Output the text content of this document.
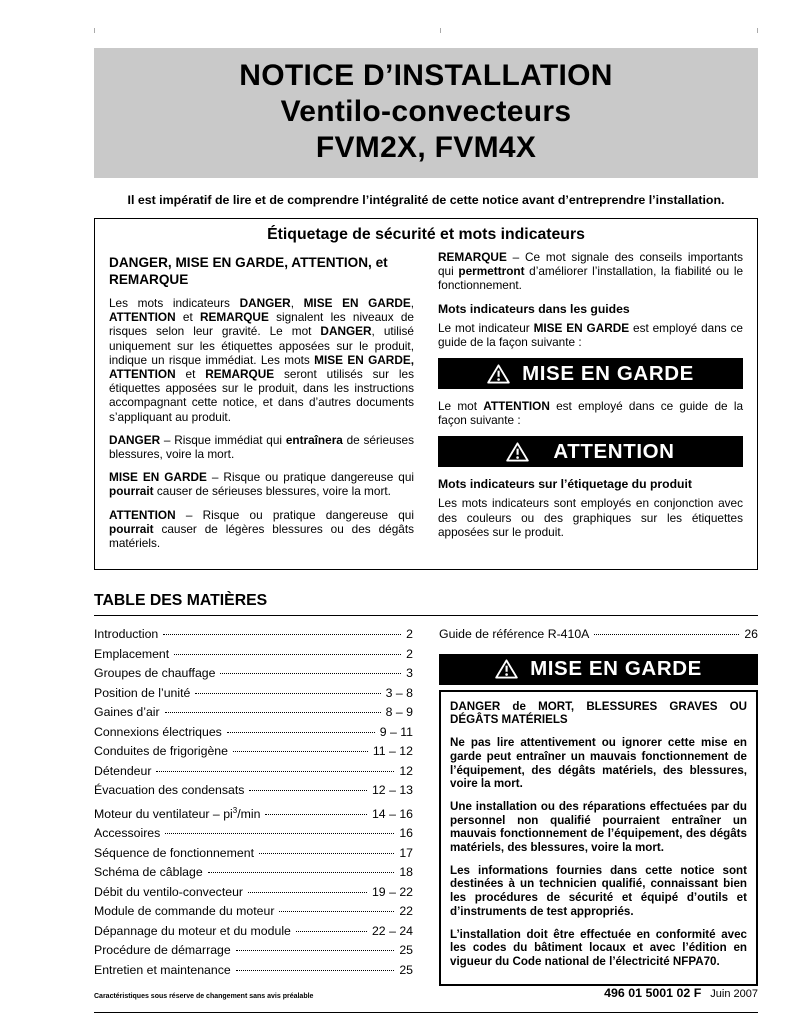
NOTICE D’INSTALLATION
Ventilo-convecteurs
FVM2X, FVM4X

Il est impératif de lire et de comprendre l’intégralité de cette notice avant d’entreprendre l’installation.

Étiquetage de sécurité et mots indicateurs
DANGER, MISE EN GARDE, ATTENTION, et REMARQUE

Les mots indicateurs DANGER, MISE EN GARDE, ATTENTION et REMARQUE signalent les niveaux de risques selon leur gravité. Le mot DANGER, utilisé uniquement sur les étiquettes apposées sur le produit, indique un risque immédiat. Les mots MISE EN GARDE, ATTENTION et REMARQUE seront utilisés sur les étiquettes apposées sur le produit, dans les instructions accompagnant cette notice, et dans d’autres documents s’appliquant au produit.

DANGER – Risque immédiat qui entraînera de sérieuses blessures, voire la mort.

MISE EN GARDE – Risque ou pratique dangereuse qui pourrait causer de sérieuses blessures, voire la mort.

ATTENTION – Risque ou pratique dangereuse qui pourrait causer de légères blessures ou des dégâts matériels.

REMARQUE – Ce mot signale des conseils importants qui permettront d’améliorer l’installation, la fiabilité ou le fonctionnement.

Mots indicateurs dans les guides

Le mot indicateur MISE EN GARDE est employé dans ce guide de la façon suivante :

MISE EN GARDE

Le mot ATTENTION est employé dans ce guide de la façon suivante :

ATTENTION
Mots indicateurs sur l’étiquetage du produit

Les mots indicateurs sont employés en conjonction avec des couleurs ou des graphiques sur les étiquettes apposées sur le produit.

TABLE DES MATIÈRES
Introduction	2
Emplacement	2
Groupes de chauffage	3
Position de l’unité	3 – 8
Gaines d’air	8 – 9
Connexions électriques	9 – 11
Conduites de frigorigène	11 – 12
Détendeur	12
Évacuation des condensats	12 – 13
Moteur du ventilateur – $pi^3/\min$	14 – 16
Accessoires	16
Séquence de fonctionnement	17
Schéma de câblage	18
Débit du ventilo-convecteur	19 – 22
Module de commande du moteur	22
Dépannage du moteur et du module	22 – 24
Procédure de démarrage	25
Entretien et maintenance	25
Guide de référence R-410A	26
MISE EN GARDE

DANGER de MORT, BLESSURES GRAVES OU DÉGÂTS MATÉRIELS

Ne pas lire attentivement ou ignorer cette mise en garde peut entraîner un mauvais fonctionnement de l’équipement, des dégâts matériels, des blessures, voire la mort.

Une installation ou des réparations effectuées par du personnel non qualifié pourraient entraîner un mauvais fonctionnement de l’équipement, des dégâts matériels, des blessures, voire la mort.

Les informations fournies dans cette notice sont destinées à un technicien qualifié, connaissant bien les procédures de sécurité et équipé d’outils et d’instruments de test appropriés.

L’installation doit être effectuée en conformité avec les codes du bâtiment locaux et avec l’édition en vigueur du Code national de l’électricité NFPA70.

Caractéristiques sous réserve de changement sans avis préalable	496 01 5001 02 F Juin 2007
